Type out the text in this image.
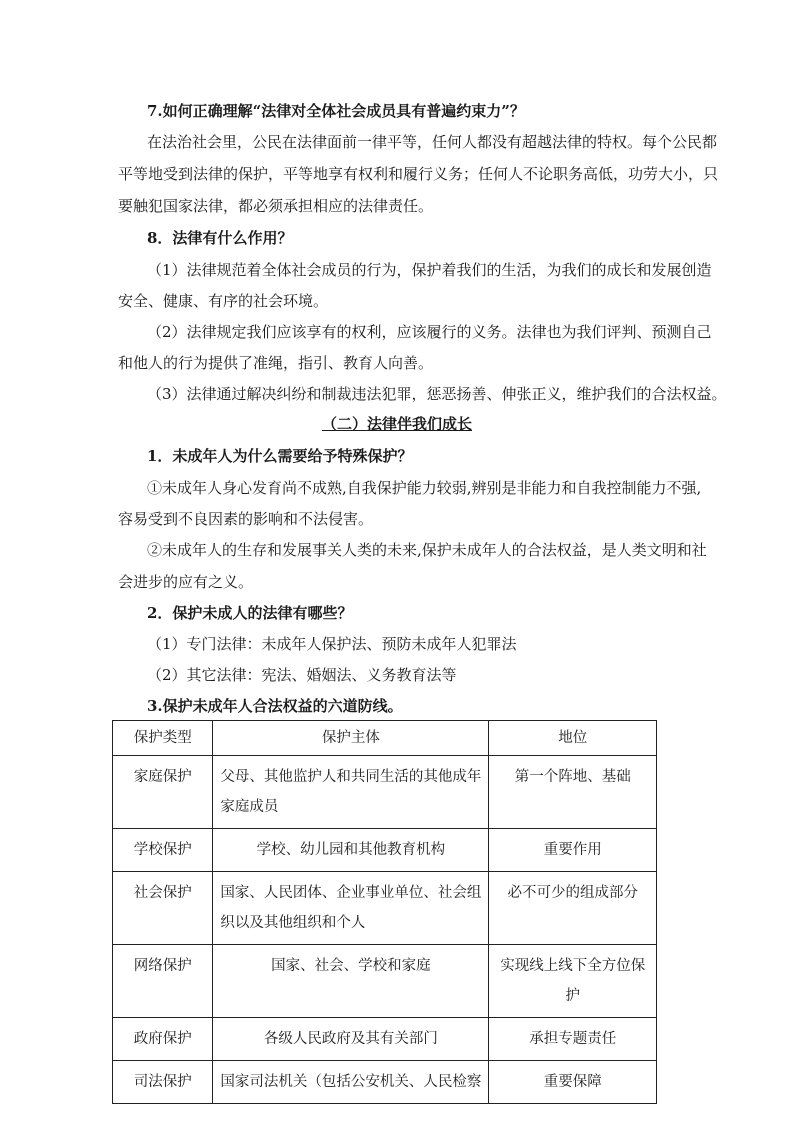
7.如何正确理解“法律对全体社会成员具有普遍约束力”？
在法治社会里，公民在法律面前一律平等，任何人都没有超越法律的特权。每个公民都
平等地受到法律的保护，平等地享有权利和履行义务；任何人不论职务高低，功劳大小，只
要触犯国家法律，都必须承担相应的法律责任。
8．法律有什么作用？
（1）法律规范着全体社会成员的行为，保护着我们的生活，为我们的成长和发展创造
安全、健康、有序的社会环境。
（2）法律规定我们应该享有的权利，应该履行的义务。法律也为我们评判、预测自己
和他人的行为提供了准绳，指引、教育人向善。
（3）法律通过解决纠纷和制裁违法犯罪，惩恶扬善、伸张正义，维护我们的合法权益。
（二）法律伴我们成长
1．未成年人为什么需要给予特殊保护？
①未成年人身心发育尚不成熟,自我保护能力较弱,辨别是非能力和自我控制能力不强,
容易受到不良因素的影响和不法侵害。
②未成年人的生存和发展事关人类的未来,保护未成年人的合法权益，是人类文明和社
会进步的应有之义。
2．保护未成人的法律有哪些？
（1）专门法律：未成年人保护法、预防未成年人犯罪法
（2）其它法律：宪法、婚姻法、义务教育法等
3.保护未成年人合法权益的六道防线。
保护类型	保护主体	地位
家庭保护	父母、其他监护人和共同生活的其他成年家庭成员	第一个阵地、基础
学校保护	学校、幼儿园和其他教育机构	重要作用
社会保护	国家、人民团体、企业事业单位、社会组织以及其他组织和个人	必不可少的组成部分
网络保护	国家、社会、学校和家庭	实现线上线下全方位保护
政府保护	各级人民政府及其有关部门	承担专题责任
司法保护	国家司法机关（包括公安机关、人民检察	重要保障
